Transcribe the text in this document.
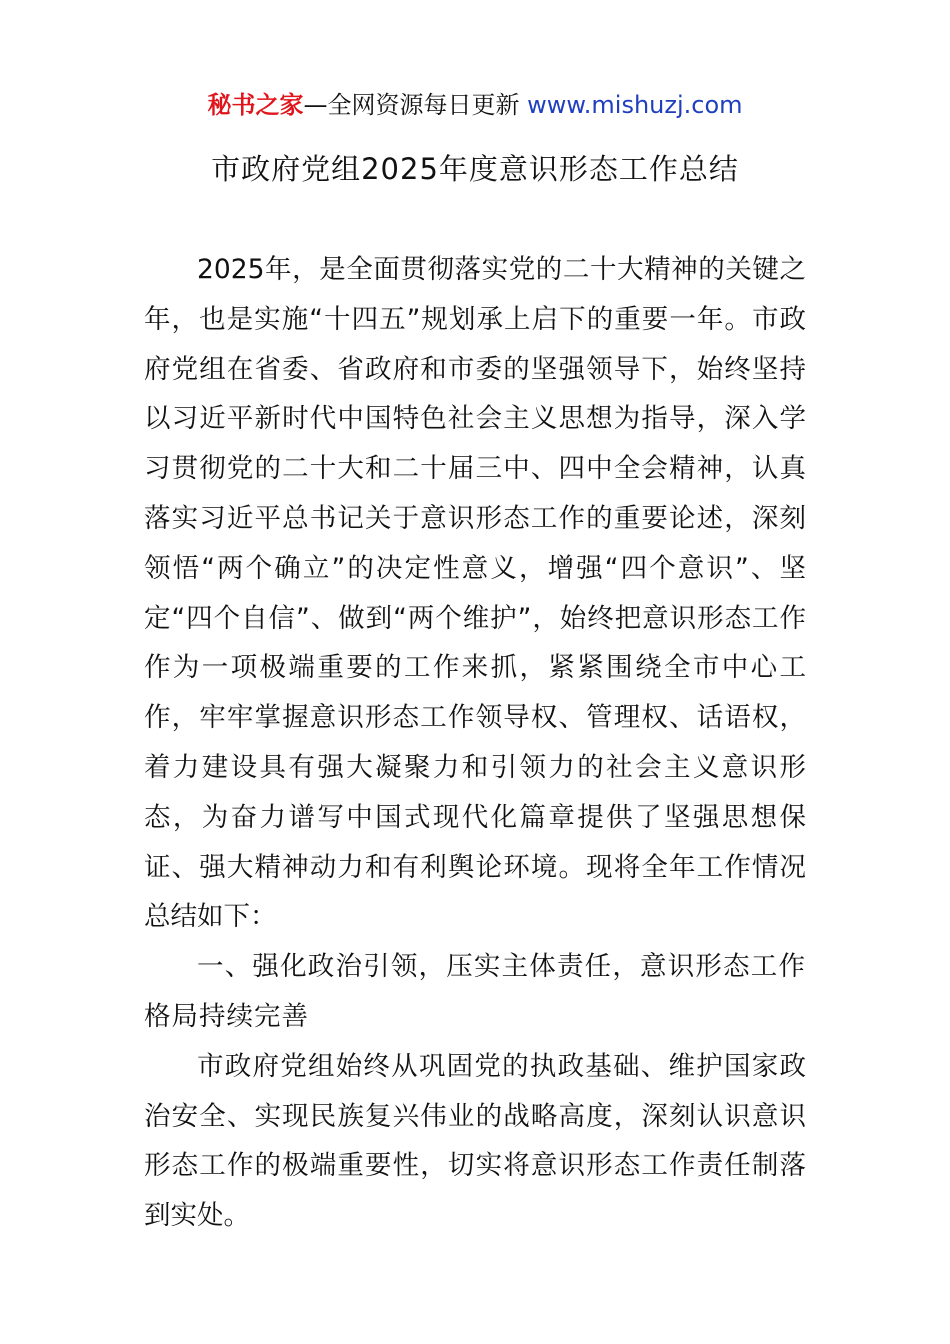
秘书之家—全网资源每日更新 www.mishuzj.com
市政府党组2025年度意识形态工作总结

2025年，是全面贯彻落实党的二十大精神的关键之年，也是实施“十四五”规划承上启下的重要一年。市政府党组在省委、省政府和市委的坚强领导下，始终坚持以习近平新时代中国特色社会主义思想为指导，深入学习贯彻党的二十大和二十届三中、四中全会精神，认真落实习近平总书记关于意识形态工作的重要论述，深刻领悟“两个确立”的决定性意义，增强“四个意识”、坚定“四个自信”、做到“两个维护”，始终把意识形态工作作为一项极端重要的工作来抓，紧紧围绕全市中心工作，牢牢掌握意识形态工作领导权、管理权、话语权，着力建设具有强大凝聚力和引领力的社会主义意识形态，为奋力谱写中国式现代化篇章提供了坚强思想保证、强大精神动力和有利舆论环境。现将全年工作情况总结如下：

一、强化政治引领，压实主体责任，意识形态工作格局持续完善

市政府党组始终从巩固党的执政基础、维护国家政治安全、实现民族复兴伟业的战略高度，深刻认识意识形态工作的极端重要性，切实将意识形态工作责任制落到实处。
